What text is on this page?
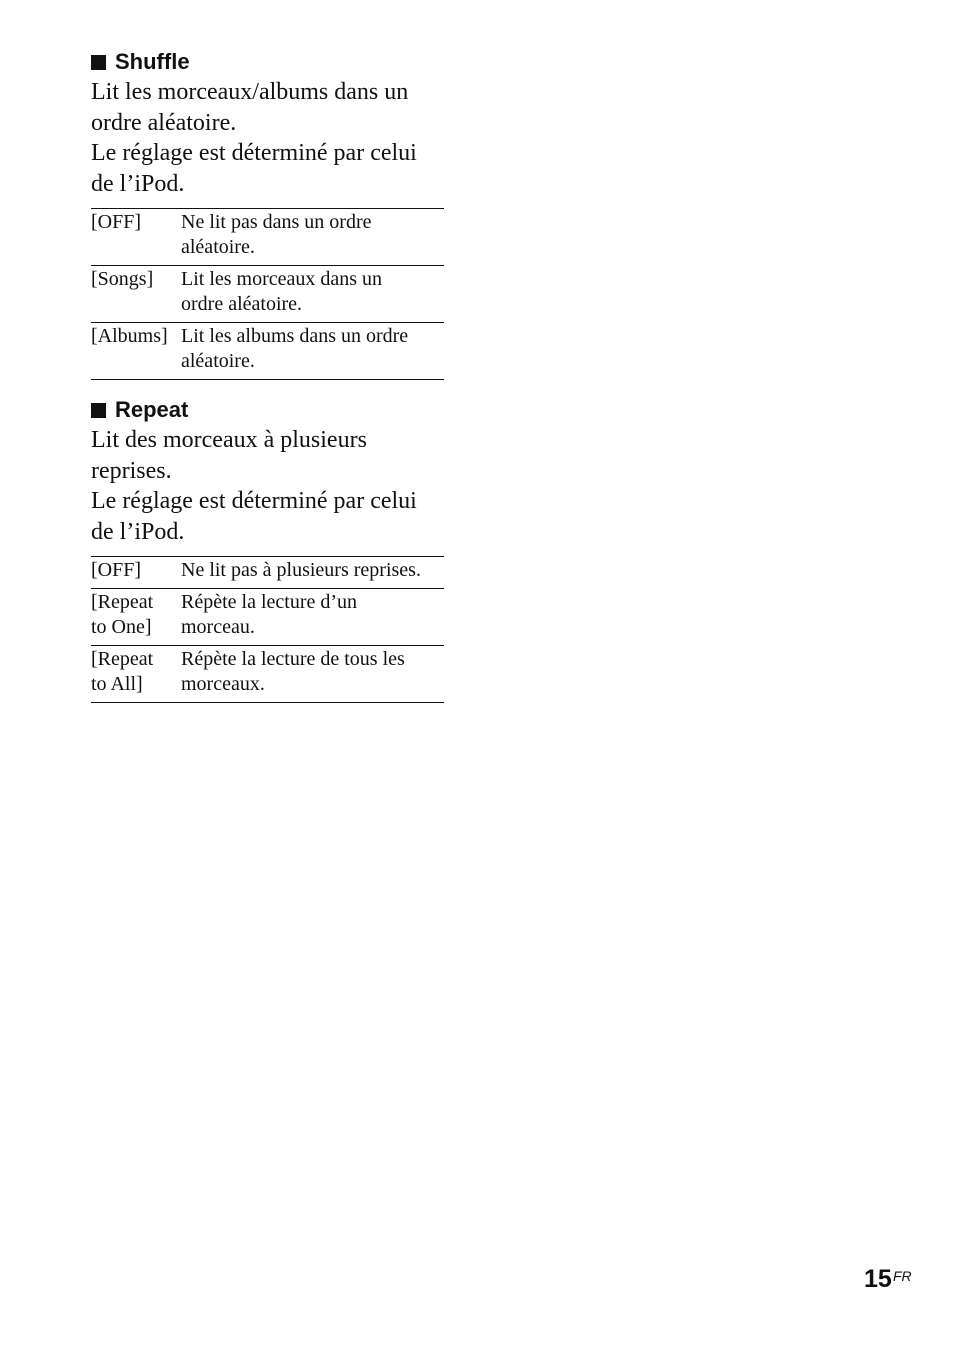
Shuffle

Lit les morceaux/albums dans un
ordre aléatoire.
Le réglage est déterminé par celui
de l’iPod.

[OFF]	Ne lit pas dans un ordre
aléatoire.
[Songs]	Lit les morceaux dans un
ordre aléatoire.
[Albums]	Lit les albums dans un ordre
aléatoire.
Repeat

Lit des morceaux à plusieurs
reprises.
Le réglage est déterminé par celui
de l’iPod.

[OFF]	Ne lit pas à plusieurs reprises.
[Repeat
to One]	Répète la lecture d’un
morceau.
[Repeat
to All]	Répète la lecture de tous les
morceaux.
15 FR
